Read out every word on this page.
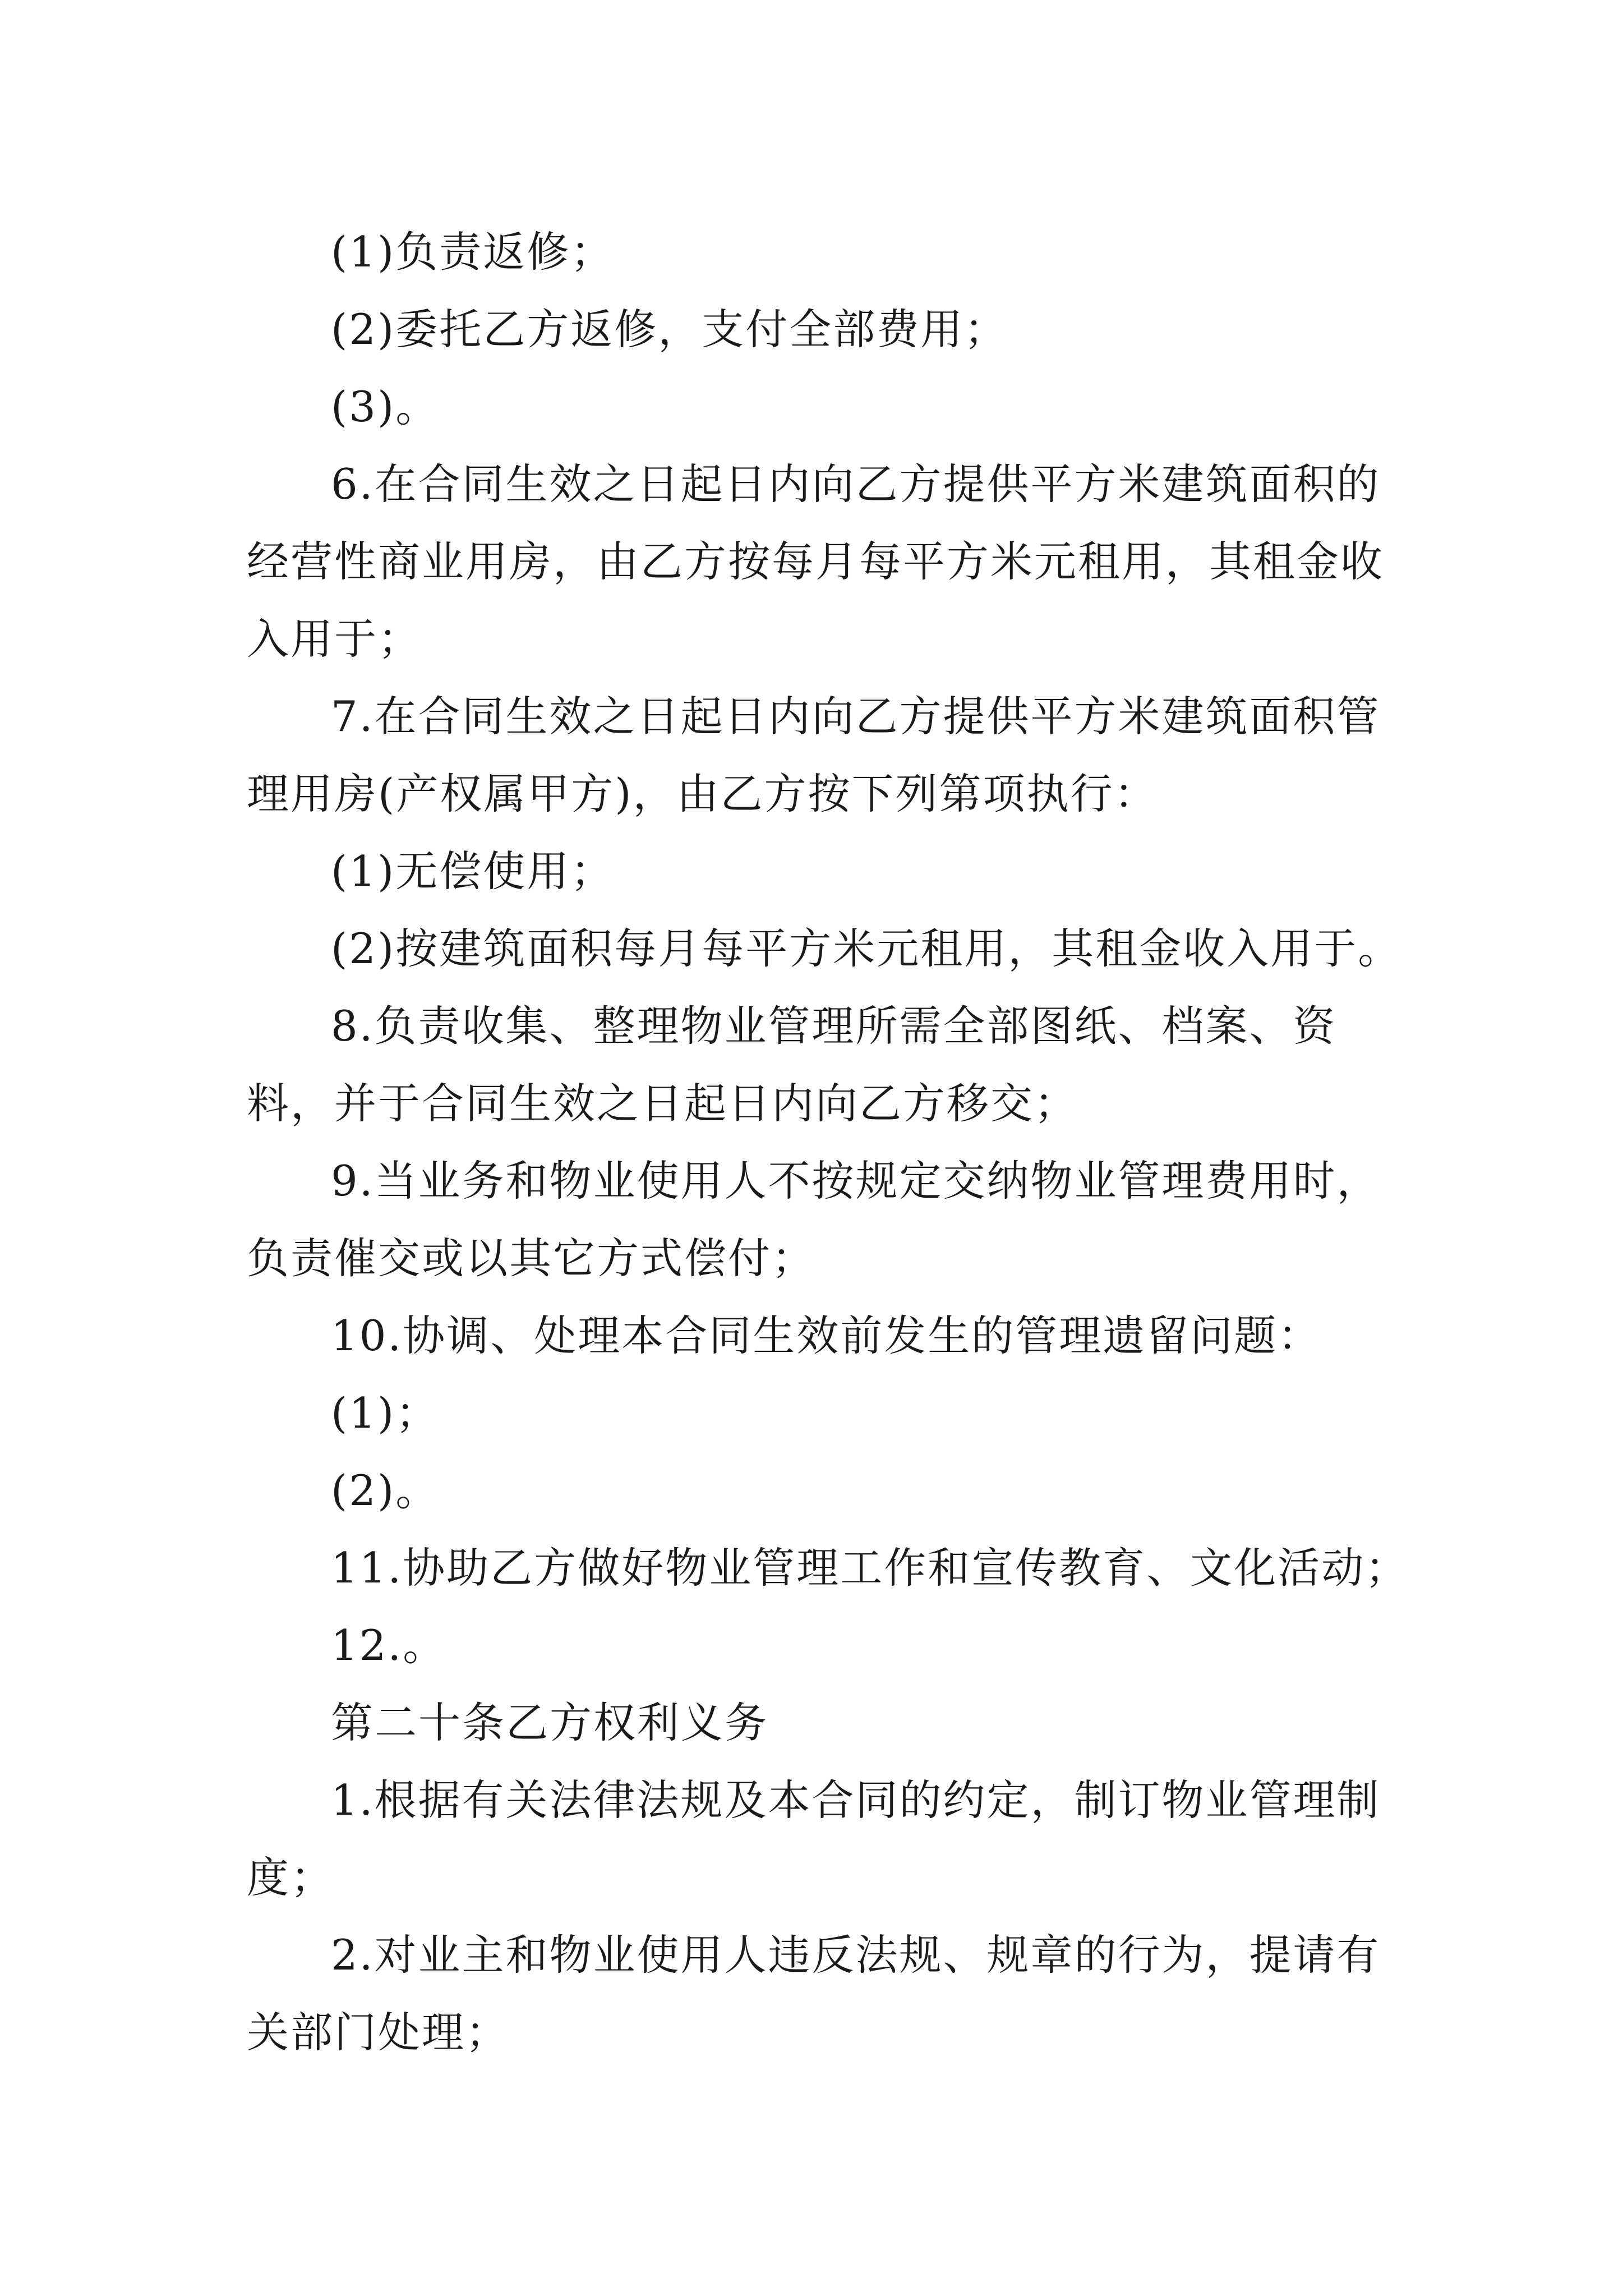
(1)负责返修；

(2)委托乙方返修，支付全部费用；

(3)。

6.在合同生效之日起日内向乙方提供平方米建筑面积的经营性商业用房，由乙方按每月每平方米元租用，其租金收入用于；

7.在合同生效之日起日内向乙方提供平方米建筑面积管理用房(产权属甲方)，由乙方按下列第项执行：

(1)无偿使用；

(2)按建筑面积每月每平方米元租用，其租金收入用于。

8.负责收集、整理物业管理所需全部图纸、档案、资料，并于合同生效之日起日内向乙方移交；

9.当业务和物业使用人不按规定交纳物业管理费用时，负责催交或以其它方式偿付；

10.协调、处理本合同生效前发生的管理遗留问题：

(1)；

(2)。

11.协助乙方做好物业管理工作和宣传教育、文化活动；

12.。

第二十条乙方权利义务

1.根据有关法律法规及本合同的约定，制订物业管理制度；

2.对业主和物业使用人违反法规、规章的行为，提请有关部门处理；
